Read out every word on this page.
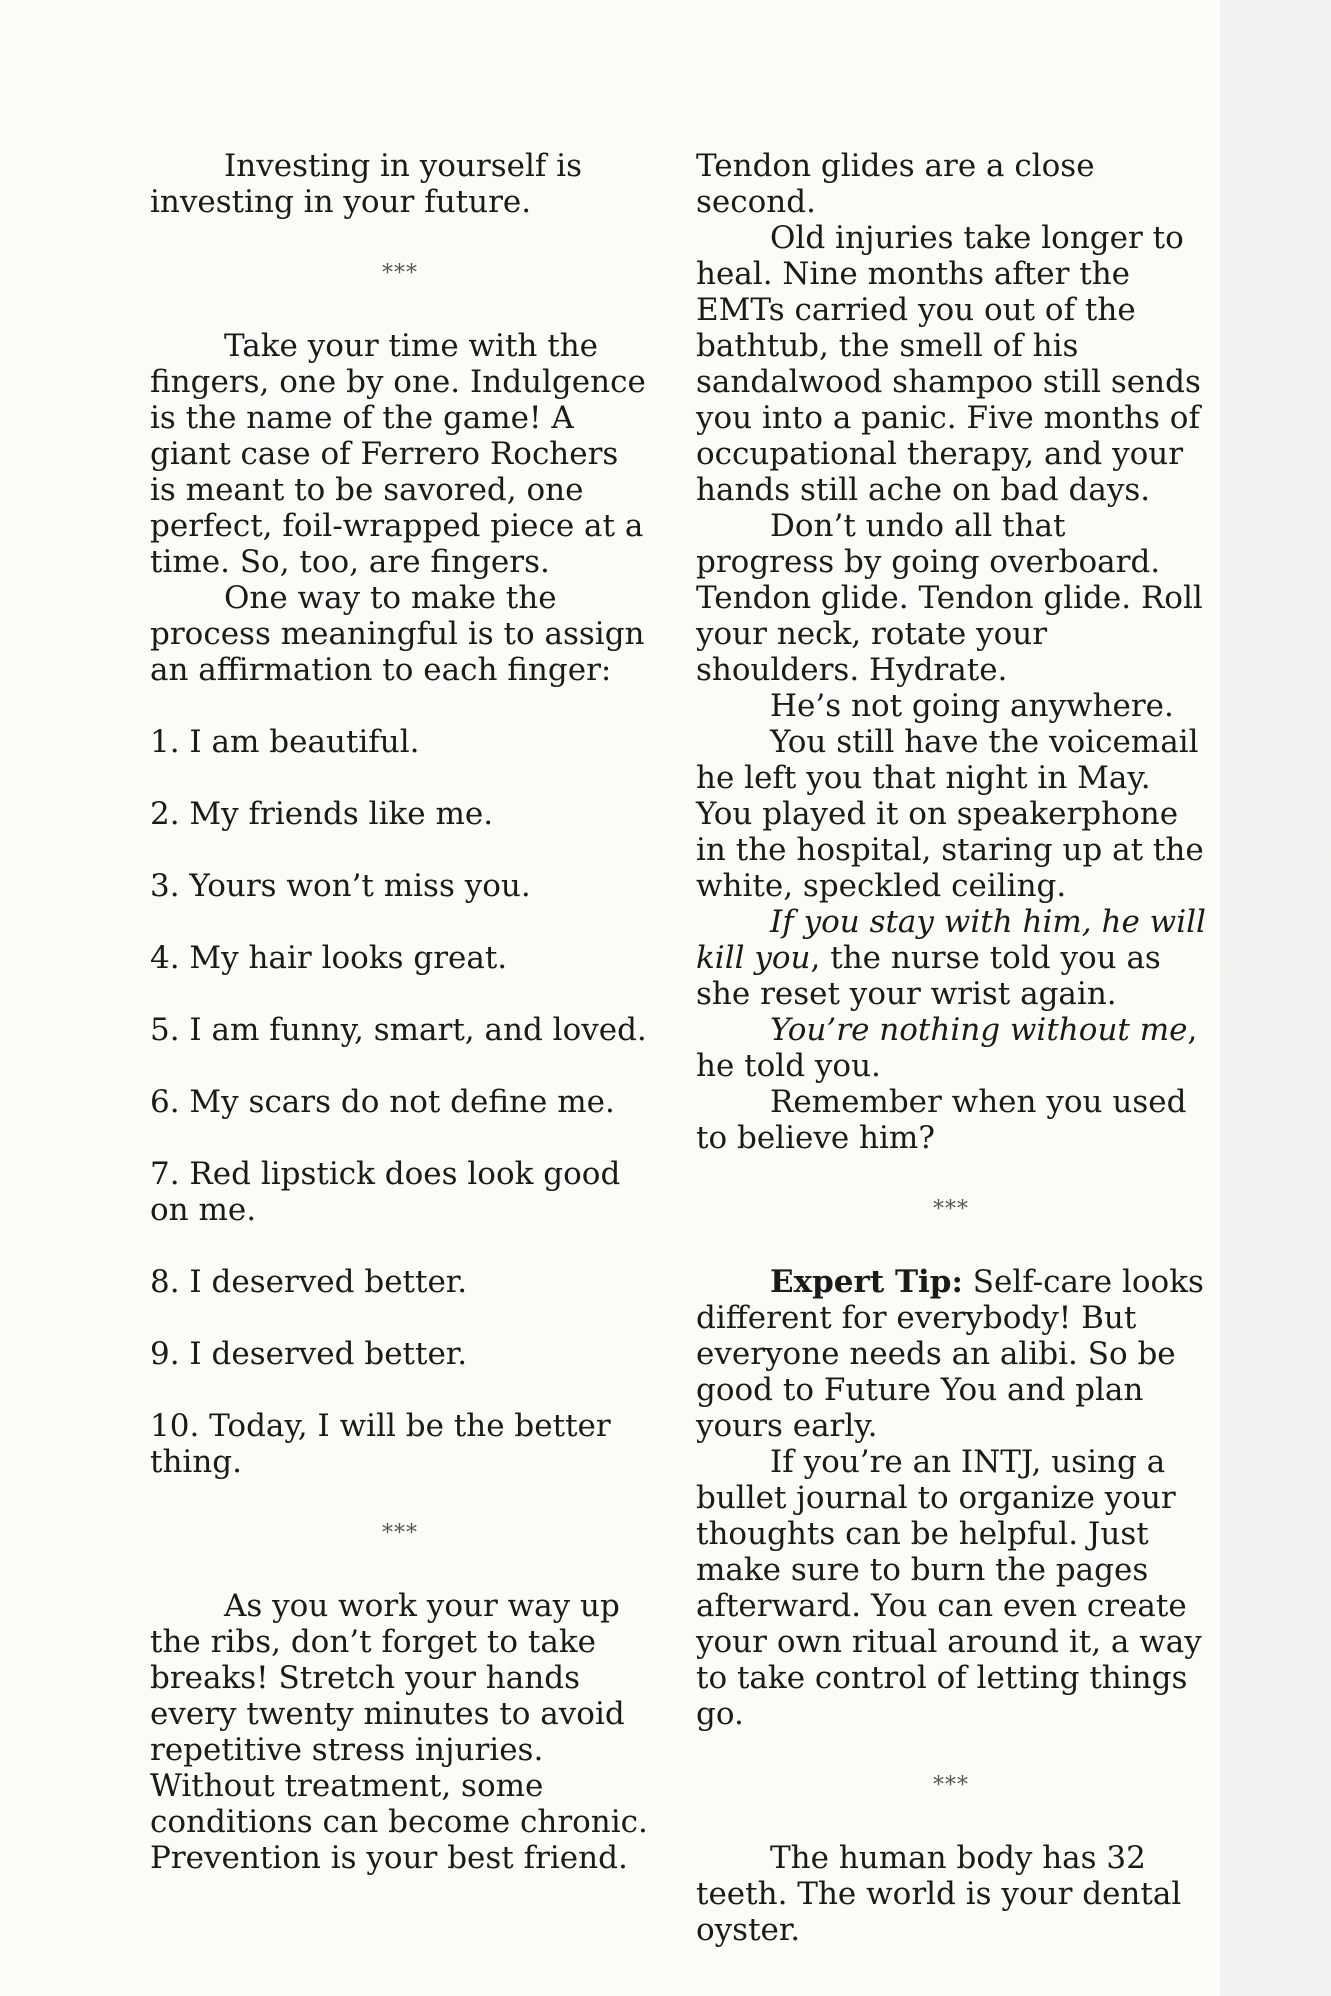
Investing in yourself is investing in your future.

***

Take your time with the fingers, one by one. Indulgence is the name of the game! A giant case of Ferrero Rochers is meant to be savored, one perfect, foil-wrapped piece at a time. So, too, are fingers.

One way to make the process meaningful is to assign an affirmation to each finger:

1. I am beautiful.

2. My friends like me.

3. Yours won’t miss you.

4. My hair looks great.

5. I am funny, smart, and loved.

6. My scars do not define me.

7. Red lipstick does look good on me.

8. I deserved better.

9. I deserved better.

10. Today, I will be the better thing.

***

As you work your way up the ribs, don’t forget to take breaks! Stretch your hands every twenty minutes to avoid repetitive stress injuries. Without treatment, some conditions can become chronic. Prevention is your best friend.

Tendon glides are a close second.

Old injuries take longer to heal. Nine months after the EMTs carried you out of the bathtub, the smell of his sandalwood shampoo still sends you into a panic. Five months of occupational therapy, and your hands still ache on bad days.

Don’t undo all that progress by going overboard. Tendon glide. Tendon glide. Roll your neck, rotate your shoulders. Hydrate.

He’s not going anywhere.

You still have the voicemail he left you that night in May. You played it on speakerphone in the hospital, staring up at the white, speckled ceiling.

If you stay with him, he will kill you, the nurse told you as she reset your wrist again.

You’re nothing without me, he told you.

Remember when you used to believe him?

***

Expert Tip: Self-care looks different for everybody! But everyone needs an alibi. So be good to Future You and plan yours early.

If you’re an INTJ, using a bullet journal to organize your thoughts can be helpful. Just make sure to burn the pages afterward. You can even create your own ritual around it, a way to take control of letting things go.

***

The human body has 32 teeth. The world is your dental oyster.
